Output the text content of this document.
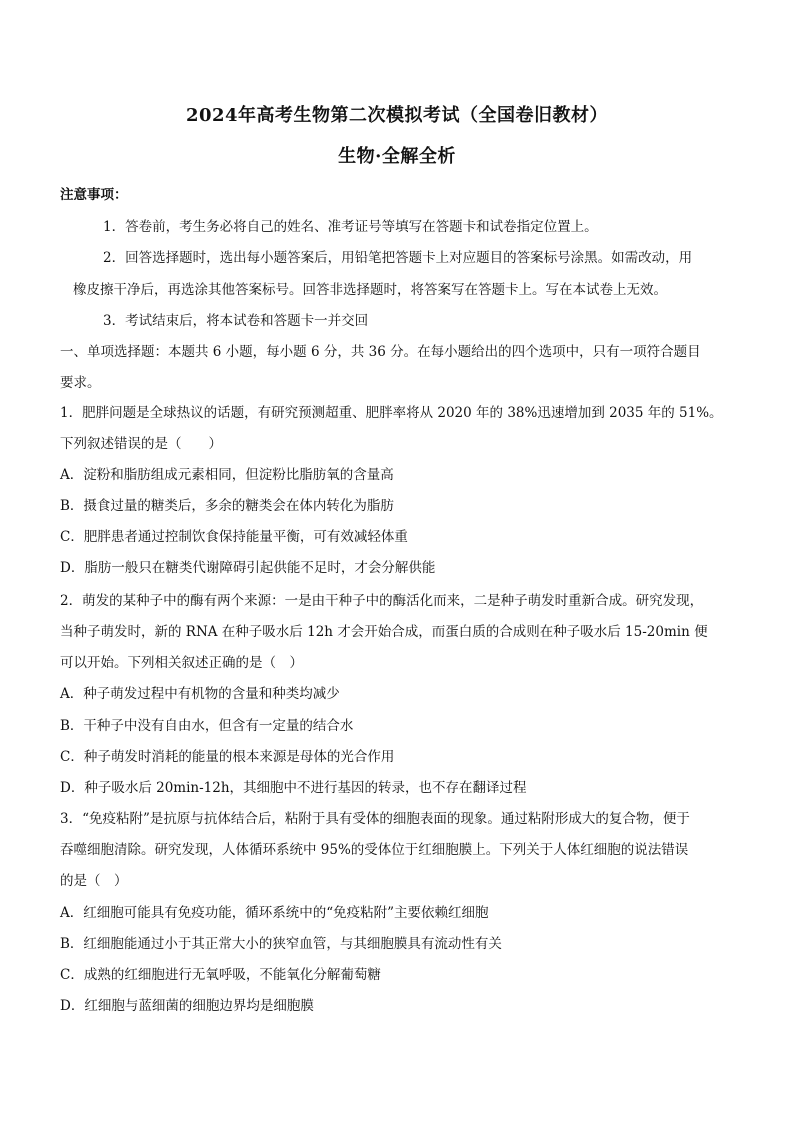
2024年高考生物第二次模拟考试（全国卷旧教材）
生物·全解全析
注意事项：
1．答卷前，考生务必将自己的姓名、准考证号等填写在答题卡和试卷指定位置上。
2．回答选择题时，选出每小题答案后，用铅笔把答题卡上对应题目的答案标号涂黑。如需改动，用
橡皮擦干净后，再选涂其他答案标号。回答非选择题时，将答案写在答题卡上。写在本试卷上无效。
3．考试结束后，将本试卷和答题卡一并交回
一、单项选择题：本题共 6 小题，每小题 6 分，共 36 分。在每小题给出的四个选项中，只有一项符合题目
要求。
1．肥胖问题是全球热议的话题，有研究预测超重、肥胖率将从 2020 年的 38%迅速增加到 2035 年的 51%。
下列叙述错误的是（　　）
A．淀粉和脂肪组成元素相同，但淀粉比脂肪氧的含量高
B．摄食过量的糖类后，多余的糖类会在体内转化为脂肪
C．肥胖患者通过控制饮食保持能量平衡，可有效减轻体重
D．脂肪一般只在糖类代谢障碍引起供能不足时，才会分解供能
2．萌发的某种子中的酶有两个来源：一是由干种子中的酶活化而来，二是种子萌发时重新合成。研究发现，
当种子萌发时，新的 RNA 在种子吸水后 12h 才会开始合成，而蛋白质的合成则在种子吸水后 15-20min 便
可以开始。下列相关叙述正确的是（　）
A．种子萌发过程中有机物的含量和种类均减少
B．干种子中没有自由水，但含有一定量的结合水
C．种子萌发时消耗的能量的根本来源是母体的光合作用
D．种子吸水后 20min-12h，其细胞中不进行基因的转录，也不存在翻译过程
3．“免疫粘附”是抗原与抗体结合后，粘附于具有受体的细胞表面的现象。通过粘附形成大的复合物，便于
吞噬细胞清除。研究发现，人体循环系统中 95%的受体位于红细胞膜上。下列关于人体红细胞的说法错误
的是（　）
A．红细胞可能具有免疫功能，循环系统中的“免疫粘附”主要依赖红细胞
B．红细胞能通过小于其正常大小的狭窄血管，与其细胞膜具有流动性有关
C．成熟的红细胞进行无氧呼吸，不能氧化分解葡萄糖
D．红细胞与蓝细菌的细胞边界均是细胞膜
